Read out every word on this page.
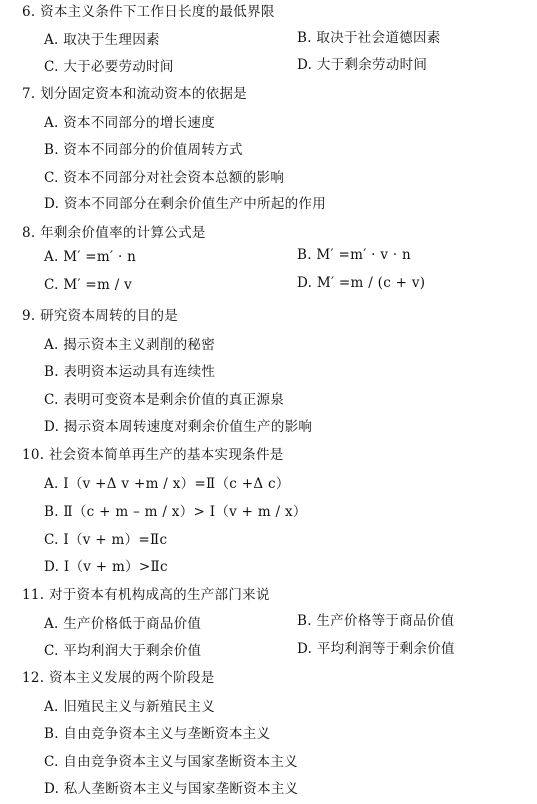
6. 资本主义条件下工作日长度的最低界限
A. 取决于生理因素	B. 取决于社会道德因素
C. 大于必要劳动时间	D. 大于剩余劳动时间
7. 划分固定资本和流动资本的依据是
A. 资本不同部分的增长速度
B. 资本不同部分的价值周转方式
C. 资本不同部分对社会资本总额的影响
D. 资本不同部分在剩余价值生产中所起的作用
8. 年剩余价值率的计算公式是
A. M′ =m′ · n	B. M′ =m′ · v · n
C. M′ =m / v	D. M′ =m / (c + v)
9. 研究资本周转的目的是
A. 揭示资本主义剥削的秘密
B. 表明资本运动具有连续性
C. 表明可变资本是剩余价值的真正源泉
D. 揭示资本周转速度对剩余价值生产的影响
10. 社会资本简单再生产的基本实现条件是
A. Ⅰ（v +Δ v +m / x）=Ⅱ（c +Δ c）
B. Ⅱ（c + m – m / x）> Ⅰ（v + m / x）
C. Ⅰ（v + m）=Ⅱc
D. Ⅰ（v + m）>Ⅱc
11. 对于资本有机构成高的生产部门来说
A. 生产价格低于商品价值	B. 生产价格等于商品价值
C. 平均利润大于剩余价值	D. 平均利润等于剩余价值
12. 资本主义发展的两个阶段是
A. 旧殖民主义与新殖民主义
B. 自由竞争资本主义与垄断资本主义
C. 自由竞争资本主义与国家垄断资本主义
D. 私人垄断资本主义与国家垄断资本主义
